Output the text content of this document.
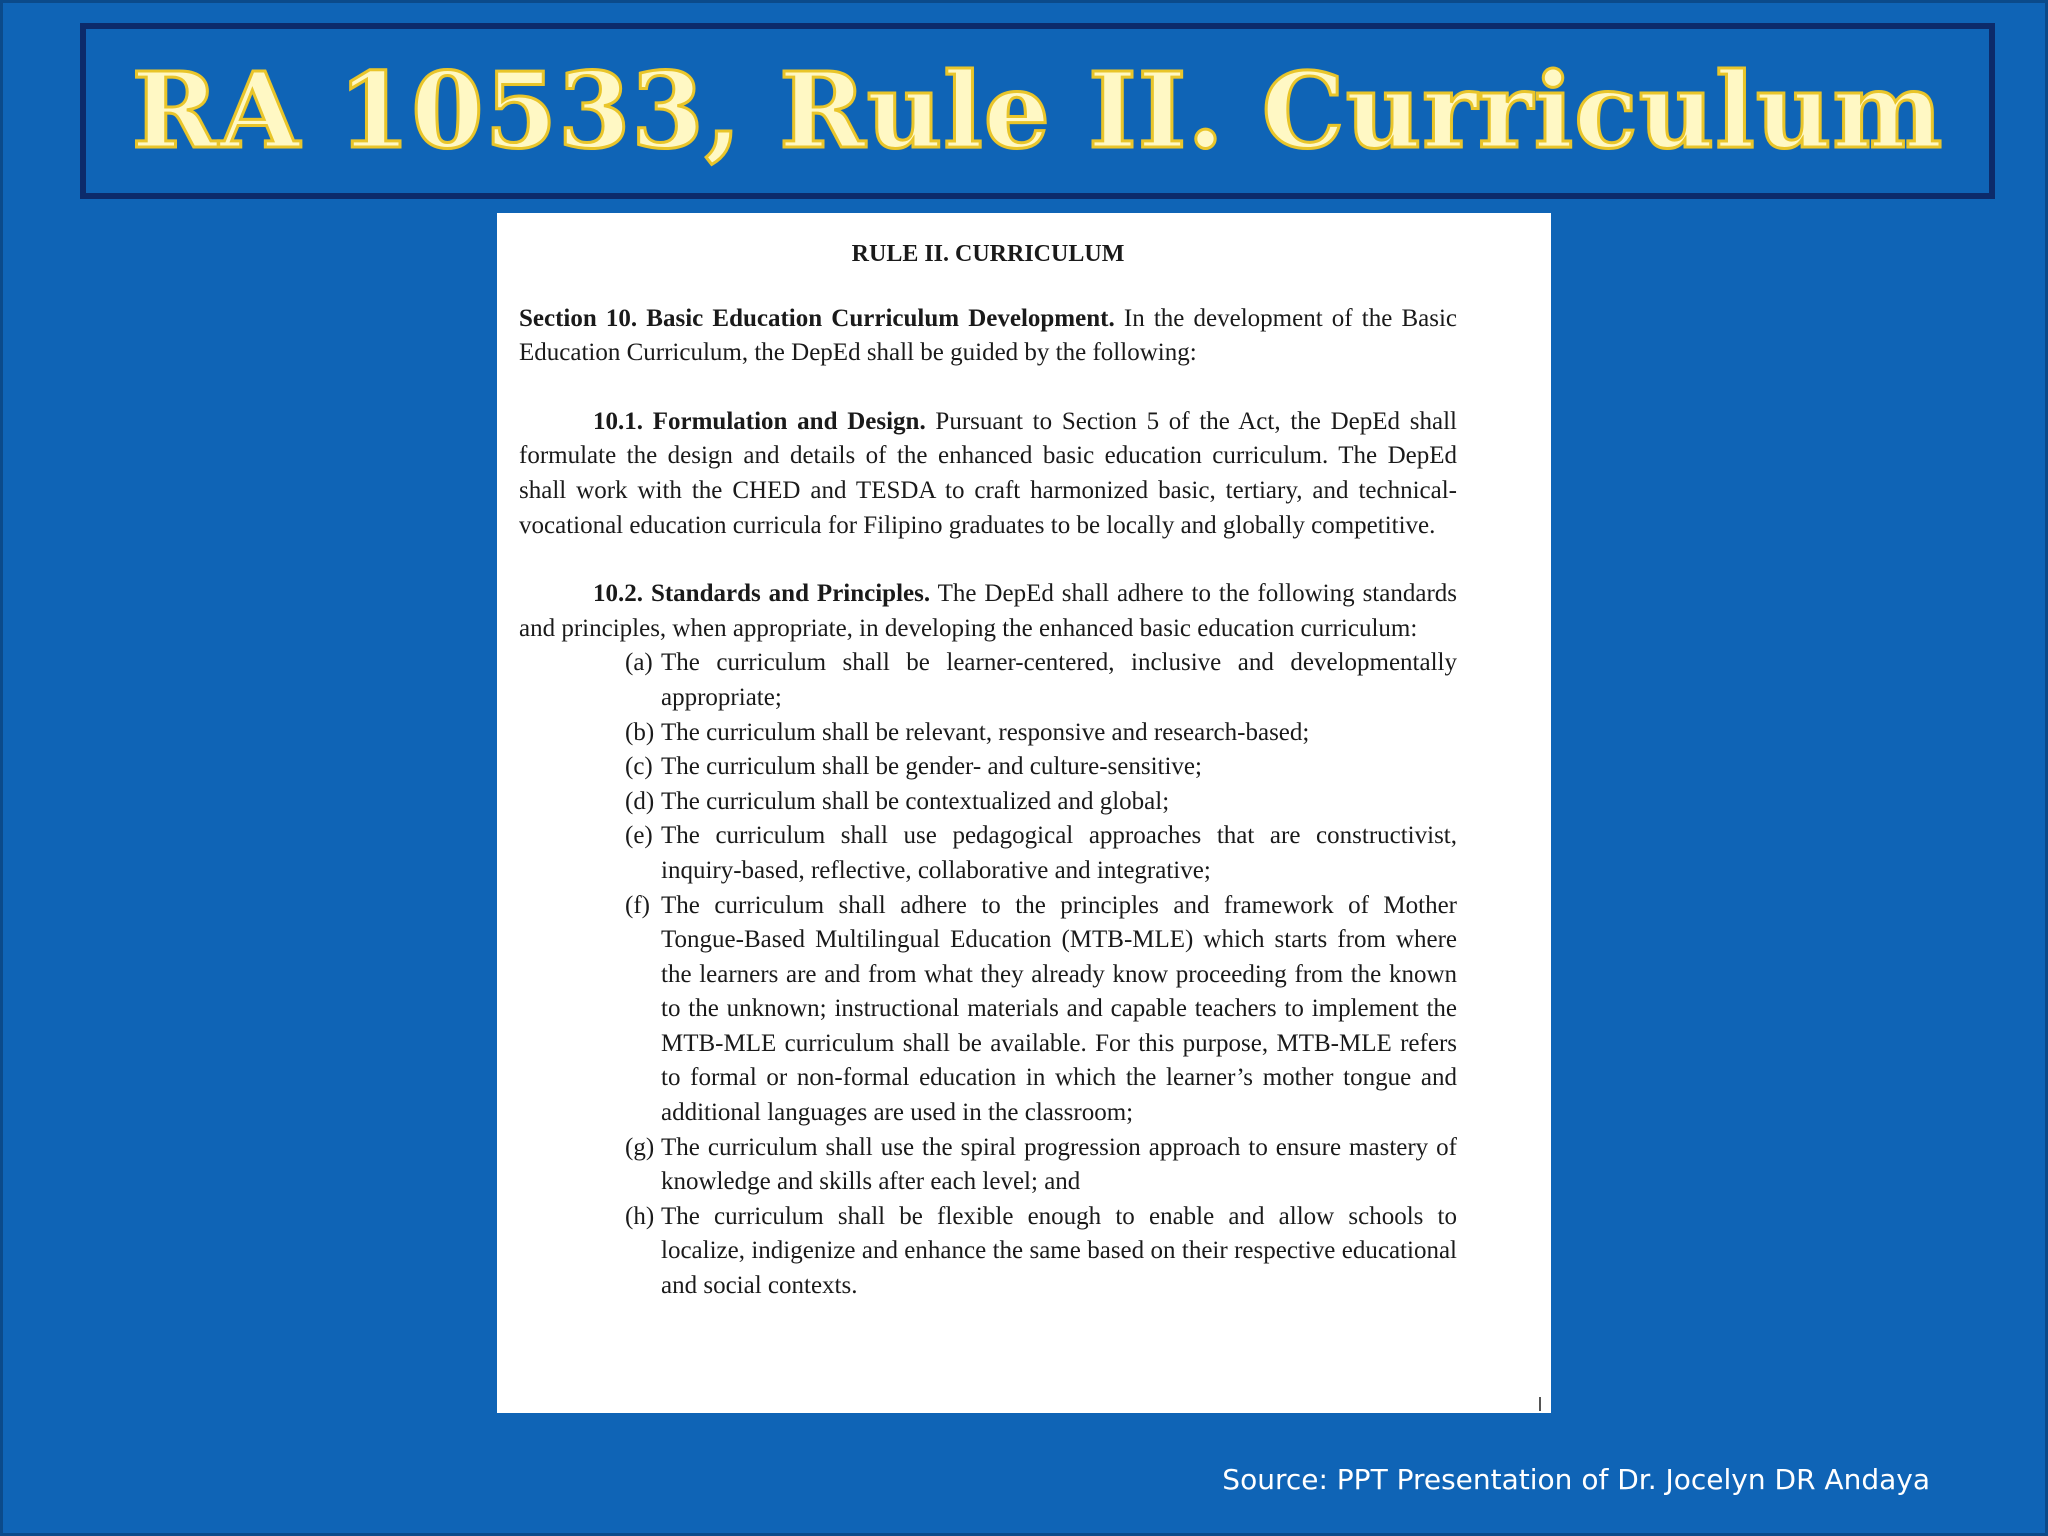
RA 10533, Rule II. Curriculum
RULE II. CURRICULUM

Section 10. Basic Education Curriculum Development. In the development of the Basic Education Curriculum, the DepEd shall be guided by the following:

10.1. Formulation and Design. Pursuant to Section 5 of the Act, the DepEd shall formulate the design and details of the enhanced basic education curriculum. The DepEd shall work with the CHED and TESDA to craft harmonized basic, tertiary, and technical-vocational education curricula for Filipino graduates to be locally and globally competitive.

10.2. Standards and Principles. The DepEd shall adhere to the following standards and principles, when appropriate, in developing the enhanced basic education curriculum:

(a) The curriculum shall be learner-centered, inclusive and developmentally appropriate;
(b) The curriculum shall be relevant, responsive and research-based;
(c) The curriculum shall be gender- and culture-sensitive;
(d) The curriculum shall be contextualized and global;
(e) The curriculum shall use pedagogical approaches that are constructivist, inquiry-based, reflective, collaborative and integrative;
(f) The curriculum shall adhere to the principles and framework of Mother Tongue-Based Multilingual Education (MTB-MLE) which starts from where the learners are and from what they already know proceeding from the known to the unknown; instructional materials and capable teachers to implement the MTB-MLE curriculum shall be available. For this purpose, MTB-MLE refers to formal or non-formal education in which the learner’s mother tongue and additional languages are used in the classroom;
(g) The curriculum shall use the spiral progression approach to ensure mastery of knowledge and skills after each level; and
(h) The curriculum shall be flexible enough to enable and allow schools to localize, indigenize and enhance the same based on their respective educational and social contexts.
Source: PPT Presentation of Dr. Jocelyn DR Andaya
